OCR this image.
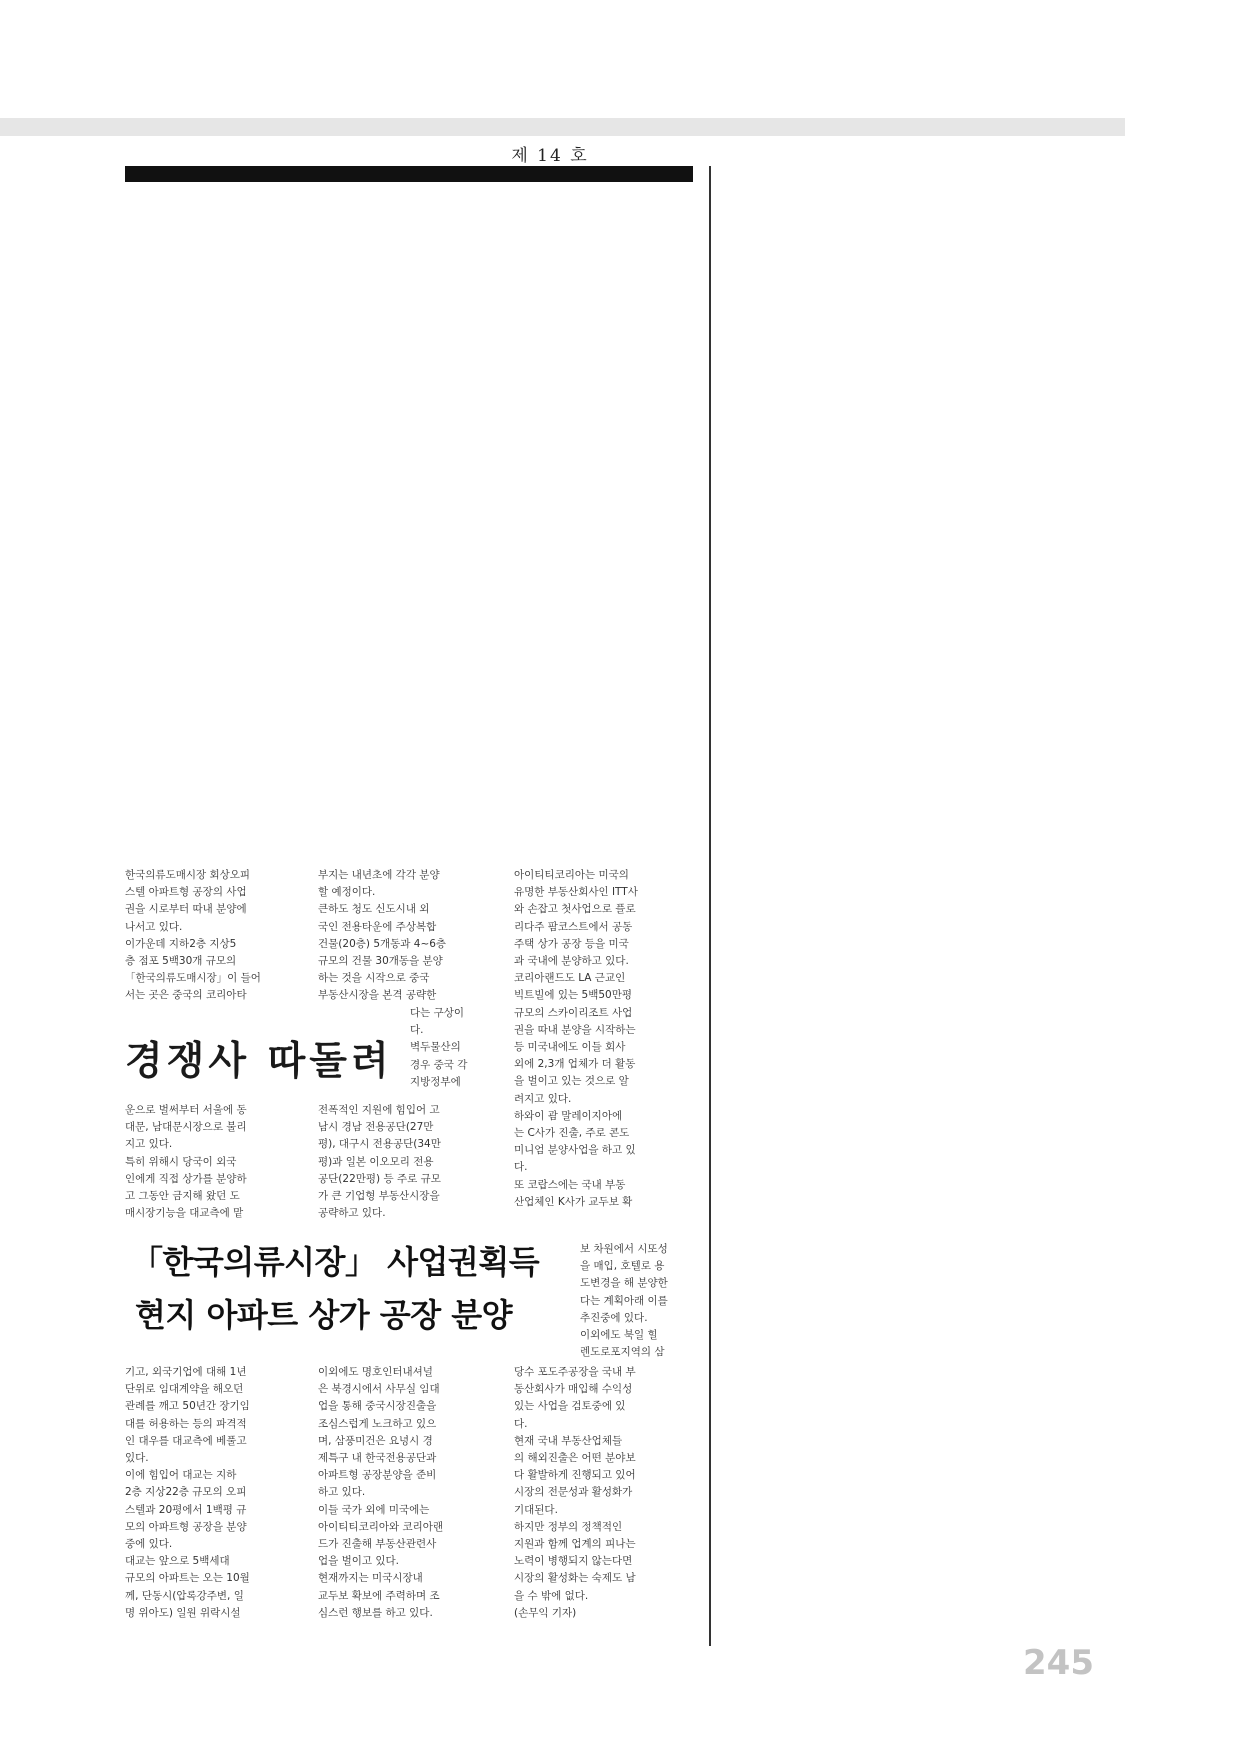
제 14 호

한국의류도매시장 회상오피

스텔 아파트형 공장의 사업

권을 시로부터 따내 분양에

나서고 있다.

이가운데 지하2층 지상5

층 점포 5백30개 규모의

「한국의류도매시장」이 들어

서는 곳은 중국의 코리아타

경쟁사 따돌려

운으로 벌써부터 서울에 동

대문, 남대문시장으로 불리

지고 있다.

특히 위해시 당국이 외국

인에게 직접 상가를 분양하

고 그동안 금지해 왔던 도

매시장기능을 대교측에 맡

부지는 내년초에 각각 분양

할 예정이다.

큰하도 청도 신도시내 외

국인 전용타운에 주상복합

건물(20층) 5개동과 4~6층

규모의 건물 30개동을 분양

하는 것을 시작으로 중국

부동산시장을 본격 공략한

다는 구상이

다.

벽두물산의

경우 중국 각

지방정부에

전폭적인 지원에 힘입어 고

남시 경남 전용공단(27만

평), 대구시 전용공단(34만

평)과 일본 이오모리 전용

공단(22만평) 등 주로 규모

가 큰 기업형 부동산시장을

공략하고 있다.

아이티티코리아는 미국의

유명한 부동산회사인 ITT사

와 손잡고 첫사업으로 플로

리다주 팜코스트에서 공동

주택 상가 공장 등을 미국

과 국내에 분양하고 있다.

코리아랜드도 LA 근교인

빅트빌에 있는 5백50만평

규모의 스카이리조트 사업

권을 따내 분양을 시작하는

등 미국내에도 이들 회사

외에 2,3개 업체가 더 활동

을 벌이고 있는 것으로 알

려지고 있다.

하와이 괌 말레이지아에

는 C사가 진출, 주로 콘도

미니엄 분양사업을 하고 있

다.

또 코랍스에는 국내 부동

산업체인 K사가 교두보 확

「한국의류시장」 사업권획득
현지 아파트 상가 공장 분양

보 차원에서 시또성

을 매입, 호텔로 용

도변경을 해 분양한

다는 계획아래 이를

추진중에 있다.

이외에도 북일 힐

렌도로포지역의 삼

기고, 외국기업에 대해 1년

단위로 임대계약을 해오던

관례를 깨고 50년간 장기임

대를 허용하는 등의 파격적

인 대우를 대교측에 베풀고

있다.

이에 힘입어 대교는 지하

2층 지상22층 규모의 오피

스텔과 20평에서 1백평 규

모의 아파트형 공장을 분양

중에 있다.

대교는 앞으로 5백세대

규모의 아파트는 오는 10월

께, 단동시(압록강주변, 일

명 위아도) 일원 위락시설

이외에도 명호인터내셔널

은 북경시에서 사무실 임대

업을 통해 중국시장진출을

조심스럽게 노크하고 있으

며, 삼풍미건은 요녕시 경

제특구 내 한국전용공단과

아파트형 공장분양을 준비

하고 있다.

이들 국가 외에 미국에는

아이티티코리아와 코리아랜

드가 진출해 부동산관련사

업을 벌이고 있다.

현재까지는 미국시장내

교두보 확보에 주력하며 조

심스런 행보를 하고 있다.

당수 포도주공장을 국내 부

동산회사가 매입해 수익성

있는 사업을 검토중에 있

다.

현재 국내 부동산업체들

의 해외진출은 어떤 분야보

다 활발하게 진행되고 있어

시장의 전문성과 활성화가

기대된다.

하지만 정부의 정책적인

지원과 함께 업계의 피나는

노력이 병행되지 않는다면

시장의 활성화는 숙제도 남

을 수 밖에 없다.

(손무익 기자)

245
